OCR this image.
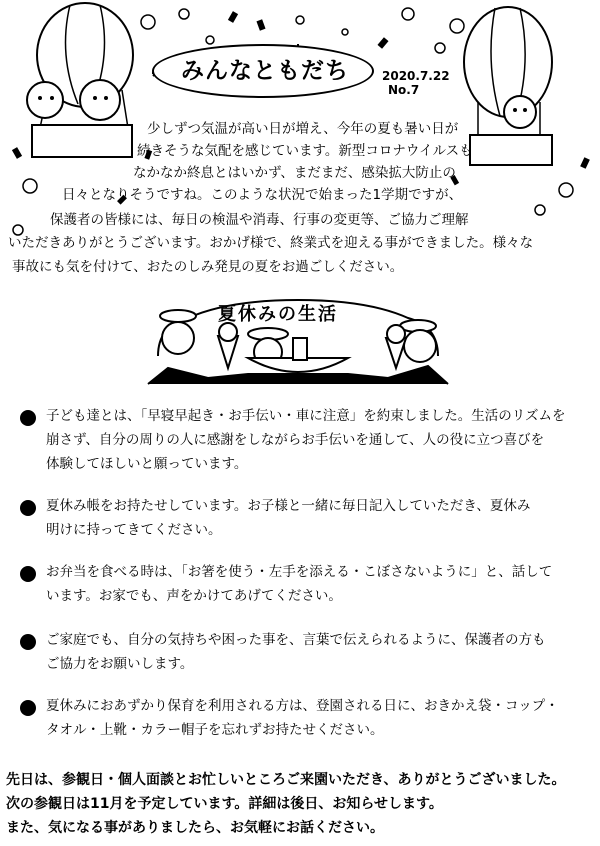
みんなともだち	2020.7.22
No.7
少しずつ気温が高い日が増え、今年の夏も暑い日が
続きそうな気配を感じています。新型コロナウイルスも
なかなか終息とはいかず、まだまだ、感染拡大防止の
日々となりそうですね。このような状況で始まった1学期ですが、
保護者の皆様には、毎日の検温や消毒、行事の変更等、ご協力ご理解
いただきありがとうございます。おかげ様で、終業式を迎える事ができました。様々な
事故にも気を付けて、おたのしみ発見の夏をお過ごしください。
夏休みの生活
子ども達とは、「早寝早起き・お手伝い・車に注意」を約束しました。生活のリズムを
崩さず、自分の周りの人に感謝をしながらお手伝いを通して、人の役に立つ喜びを
体験してほしいと願っています。
夏休み帳をお持たせしています。お子様と一緒に毎日記入していただき、夏休み
明けに持ってきてください。
お弁当を食べる時は、「お箸を使う・左手を添える・こぼさないように」と、話して
います。お家でも、声をかけてあげてください。
ご家庭でも、自分の気持ちや困った事を、言葉で伝えられるように、保護者の方も
ご協力をお願いします。
夏休みにおあずかり保育を利用される方は、登園される日に、おきかえ袋・コップ・
タオル・上靴・カラー帽子を忘れずお持たせください。
先日は、参観日・個人面談とお忙しいところご来園いただき、ありがとうございました。
次の参観日は11月を予定しています。詳細は後日、お知らせします。
また、気になる事がありましたら、お気軽にお話ください。
